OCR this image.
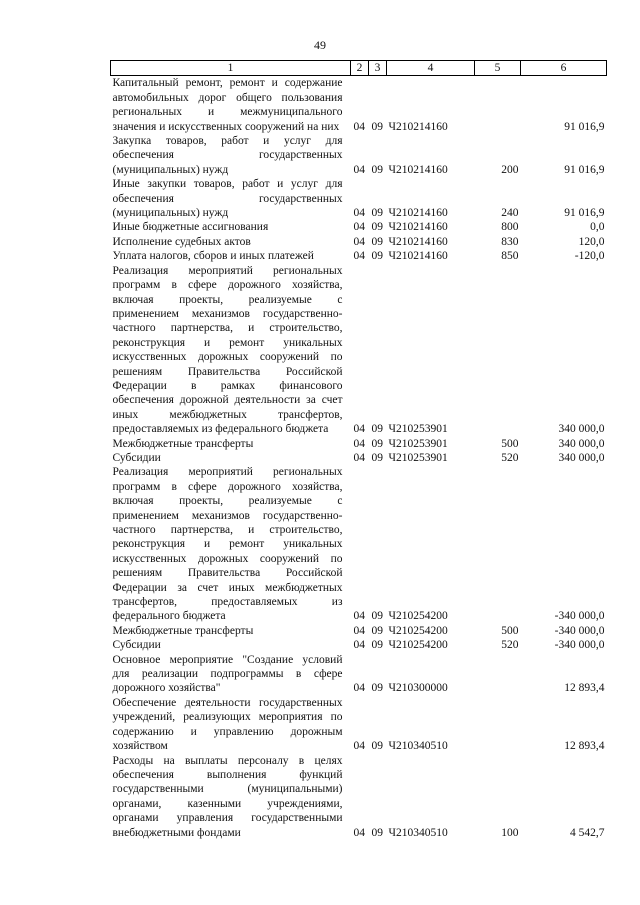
49
1	2	3	4	5	6
Капитальный ремонт, ремонт и содержание автомобильных дорог общего пользования региональных и межмуниципального значения и искусственных сооружений на них	04	09	Ч210214160		91 016,9
Закупка товаров, работ и услуг для обеспечения государственных (муниципальных) нужд	04	09	Ч210214160	200	91 016,9
Иные закупки товаров, работ и услуг для обеспечения государственных (муниципальных) нужд	04	09	Ч210214160	240	91 016,9
Иные бюджетные ассигнования	04	09	Ч210214160	800	0,0
Исполнение судебных актов	04	09	Ч210214160	830	120,0
Уплата налогов, сборов и иных платежей	04	09	Ч210214160	850	-120,0
Реализация мероприятий региональных программ в сфере дорожного хозяйства, включая проекты, реализуемые с применением механизмов государственно-частного партнерства, и строительство, реконструкция и ремонт уникальных искусственных дорожных сооружений по решениям Правительства Российской Федерации в рамках финансового обеспечения дорожной деятельности за счет иных межбюджетных трансфертов, предоставляемых из федерального бюджета	04	09	Ч210253901		340 000,0
Межбюджетные трансферты	04	09	Ч210253901	500	340 000,0
Субсидии	04	09	Ч210253901	520	340 000,0
Реализация мероприятий региональных программ в сфере дорожного хозяйства, включая проекты, реализуемые с применением механизмов государственно-частного партнерства, и строительство, реконструкция и ремонт уникальных искусственных дорожных сооружений по решениям Правительства Российской Федерации за счет иных межбюджетных трансфертов, предоставляемых из федерального бюджета	04	09	Ч210254200		-340 000,0
Межбюджетные трансферты	04	09	Ч210254200	500	-340 000,0
Субсидии	04	09	Ч210254200	520	-340 000,0
Основное мероприятие "Создание условий для реализации подпрограммы в сфере дорожного хозяйства"	04	09	Ч210300000		12 893,4
Обеспечение деятельности государственных учреждений, реализующих мероприятия по содержанию и управлению дорожным хозяйством	04	09	Ч210340510		12 893,4
Расходы на выплаты персоналу в целях обеспечения выполнения функций государственными (муниципальными) органами, казенными учреждениями, органами управления государственными внебюджетными фондами	04	09	Ч210340510	100	4 542,7
